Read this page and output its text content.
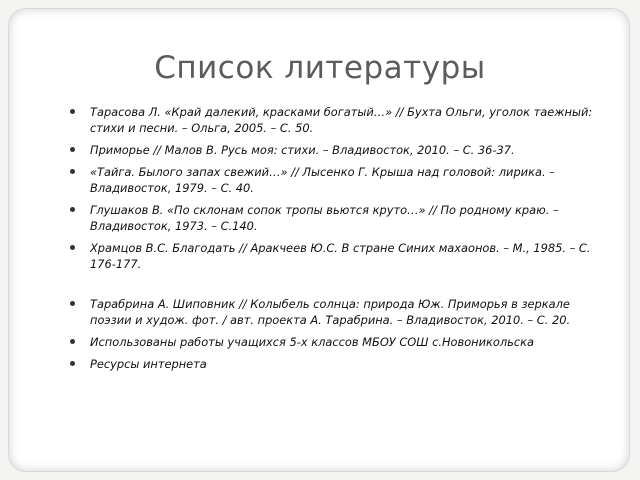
Список литературы
Тарасова Л. «Край далекий, красками богатый…» // Бухта Ольги, уголок таежный: стихи и песни. – Ольга, 2005. – С. 50.
Приморье // Малов В. Русь моя: стихи. – Владивосток, 2010. – С. 36-37.
«Тайга. Былого запах свежий…» // Лысенко Г. Крыша над головой: лирика. – Владивосток, 1979. – С. 40.
Глушаков В. «По склонам сопок тропы вьются круто…» // По родному краю. – Владивосток, 1973. – С.140.
Храмцов В.С. Благодать // Аракчеев Ю.С. В стране Синих махаонов. – М., 1985. – С. 176-177.
Тарабрина А. Шиповник // Колыбель солнца: природа Юж. Приморья в зеркале поэзии и худож. фот. / авт. проекта А. Тарабрина. – Владивосток, 2010. – С. 20.
Использованы работы учащихся 5-х классов МБОУ СОШ с.Новоникольска
Ресурсы интернета
